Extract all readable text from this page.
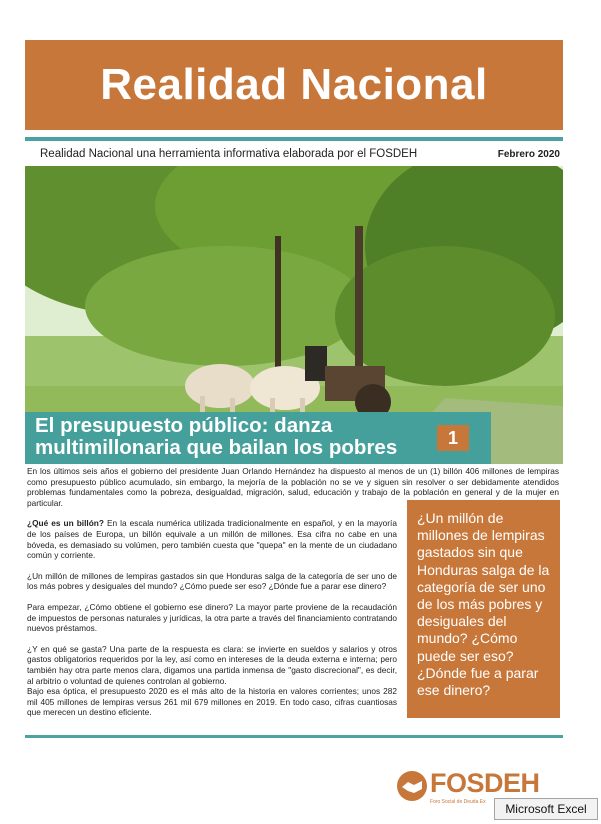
Realidad Nacional
Realidad Nacional una herramienta informativa elaborada por el FOSDEH	Febrero 2020
El presupuesto público: danza
multimillonaria que bailan los pobres	1

En los últimos seis años el gobierno del presidente Juan Orlando Hernández ha dispuesto al menos de un (1) billón 406 millones de lempiras como presupuesto público acumulado, sin embargo, la mejoría de la población no se ve y siguen sin resolver o ser debidamente atendidos problemas fundamentales como la pobreza, desigualdad, migración, salud, educación y trabajo de la población en general y de la mujer en particular.

¿Qué es un billón? En la escala numérica utilizada tradicionalmente en español, y en la mayoría de los países de Europa, un billón equivale a un millón de millones. Esa cifra no cabe en una bóveda, es demasiado su volúmen, pero también cuesta que "quepa" en la mente de un ciudadano común y corriente.

¿Un millón de millones de lempiras gastados sin que Honduras salga de la categoría de ser uno de los más pobres y desiguales del mundo? ¿Cómo puede ser eso? ¿Dónde fue a parar ese dinero?

Para empezar, ¿Cómo obtiene el gobierno ese dinero? La mayor parte proviene de la recaudación de impuestos de personas naturales y jurídicas, la otra parte a través del financiamiento contratando nuevos préstamos.

¿Y en qué se gasta? Una parte de la respuesta es clara: se invierte en sueldos y salarios y otros gastos obligatorios requeridos por la ley, así como en intereses de la deuda externa e interna; pero también hay otra parte menos clara, digamos una partida inmensa de "gasto discrecional", es decir, al arbitrio o voluntad de quienes controlan al gobierno.

Bajo esa óptica, el presupuesto 2020 es el más alto de la historia en valores corrientes; unos 282 mil 405 millones de lempiras versus 261 mil 679 millones en 2019. En todo caso, cifras cuantiosas que merecen un destino eficiente.

¿Un millón de millones de lempiras gastados sin que Honduras salga de la categoría de ser uno de los más pobres y desiguales del mundo? ¿Cómo puede ser eso? ¿Dónde fue a parar ese dinero?
FOSDEH
Foro Social de Deuda Ex	Microsoft Excel
